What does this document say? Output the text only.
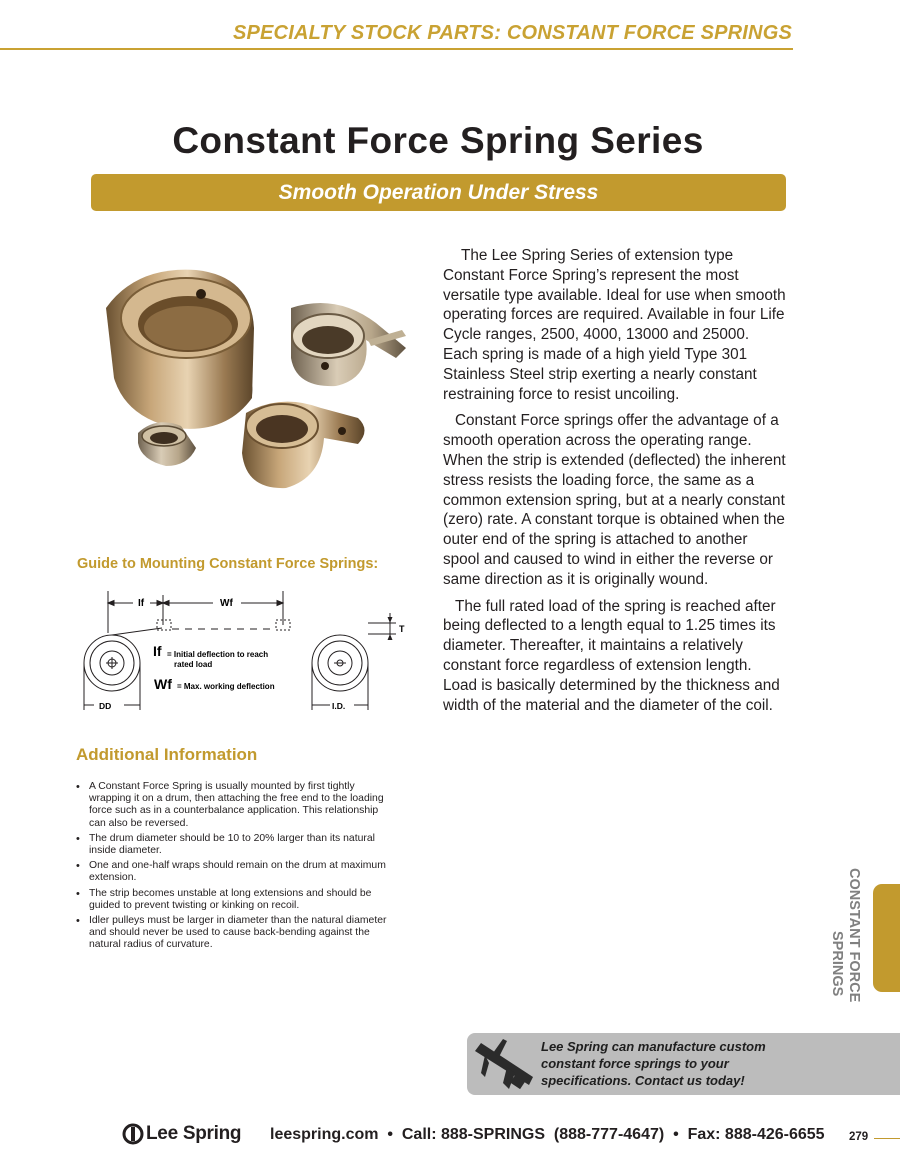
SPECIALTY STOCK PARTS: CONSTANT FORCE SPRINGS
Constant Force Spring Series
Smooth Operation Under Stress

The Lee Spring Series of extension type Constant Force Spring’s represent the most versatile type available. Ideal for use when smooth operating forces are required. Available in four Life Cycle ranges, 2500, 4000, 13000 and 25000. Each spring is made of a high yield Type 301 Stainless Steel strip exerting a nearly constant restraining force to resist uncoiling.

Constant Force springs offer the advantage of a smooth operation across the operating range. When the strip is extended (deflected) the inherent stress resists the loading force, the same as a common extension spring, but at a nearly constant (zero) rate. A constant torque is obtained when the outer end of the spring is attached to another spool and caused to wind in either the reverse or same direction as it is originally wound.

The full rated load of the spring is reached after being deflected to a length equal to 1.25 times its diameter. Thereafter, it maintains a relatively constant force regardless of extension length. Load is basically determined by the thickness and width of the material and the diameter of the coil.

Guide to Mounting Constant Force Springs:
DD
If	Wf
If = Initial deflection to reach
rated load
Wf = Max. working deflection
T
I.D.
Additional Information
• A Constant Force Spring is usually mounted by first tightly wrapping it on a drum, then attaching the free end to the loading force such as in a counterbalance application. This relationship can also be reversed.
• The drum diameter should be 10 to 20% larger than its natural inside diameter.
• One and one-half wraps should remain on the drum at maximum extension.
• The strip becomes unstable at long extensions and should be guided to prevent twisting or kinking on recoil.
• Idler pulleys must be larger in diameter than the natural diameter and should never be used to cause back-bending against the natural radius of curvature.	CONSTANT FORCE
SPRINGS
Lee Spring can manufacture custom constant force springs to your specifications. Contact us today!
Lee Spring leespring.com  •  Call: 888-SPRINGS  (888-777-4647)  •  Fax: 888-426-6655 279
